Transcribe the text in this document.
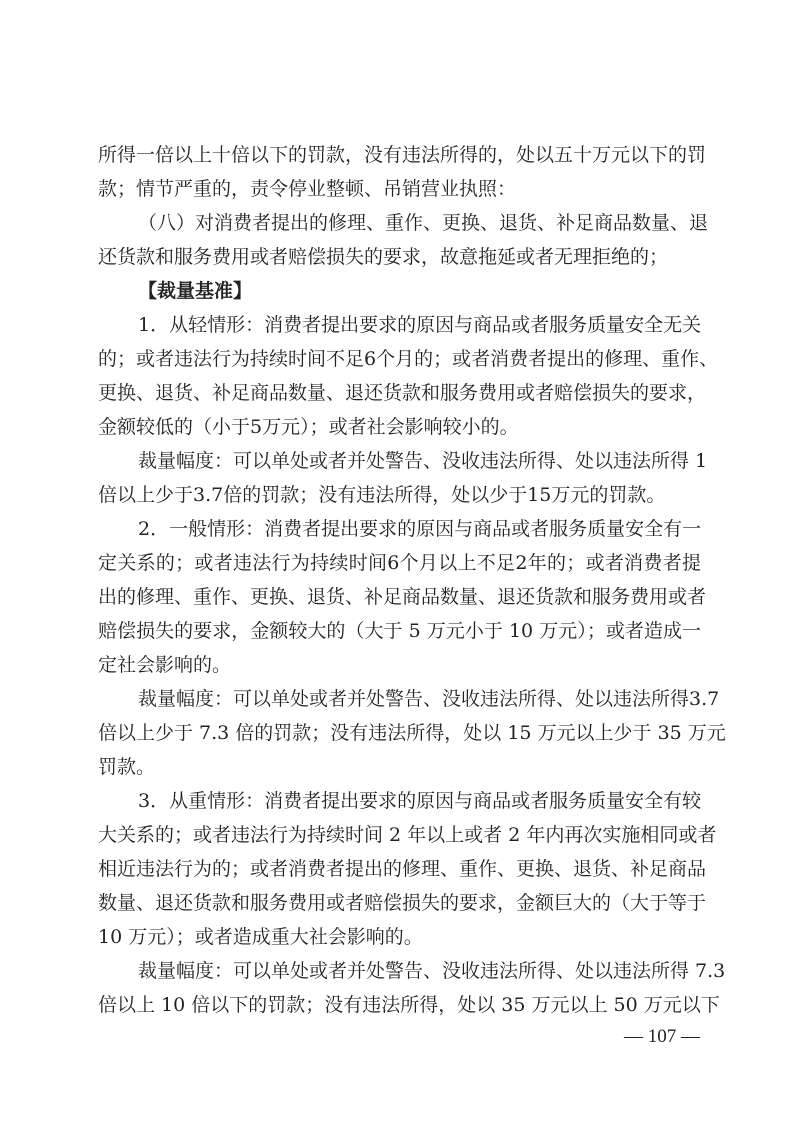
所得一倍以上十倍以下的罚款，没有违法所得的，处以五十万元以下的罚
款；情节严重的，责令停业整顿、吊销营业执照：
（八）对消费者提出的修理、重作、更换、退货、补足商品数量、退
还货款和服务费用或者赔偿损失的要求，故意拖延或者无理拒绝的；
【裁量基准】
1．从轻情形：消费者提出要求的原因与商品或者服务质量安全无关
的；或者违法行为持续时间不足6个月的；或者消费者提出的修理、重作、
更换、退货、补足商品数量、退还货款和服务费用或者赔偿损失的要求，
金额较低的（小于5万元）；或者社会影响较小的。
裁量幅度：可以单处或者并处警告、没收违法所得、处以违法所得 1
倍以上少于3.7倍的罚款；没有违法所得，处以少于15万元的罚款。
2．一般情形：消费者提出要求的原因与商品或者服务质量安全有一
定关系的；或者违法行为持续时间6个月以上不足2年的；或者消费者提
出的修理、重作、更换、退货、补足商品数量、退还货款和服务费用或者
赔偿损失的要求，金额较大的（大于 5 万元小于 10 万元）；或者造成一
定社会影响的。
裁量幅度：可以单处或者并处警告、没收违法所得、处以违法所得3.7
倍以上少于 7.3 倍的罚款；没有违法所得，处以 15 万元以上少于 35 万元
罚款。
3．从重情形：消费者提出要求的原因与商品或者服务质量安全有较
大关系的；或者违法行为持续时间 2 年以上或者 2 年内再次实施相同或者
相近违法行为的；或者消费者提出的修理、重作、更换、退货、补足商品
数量、退还货款和服务费用或者赔偿损失的要求，金额巨大的（大于等于
10 万元）；或者造成重大社会影响的。
裁量幅度：可以单处或者并处警告、没收违法所得、处以违法所得 7.3
倍以上 10 倍以下的罚款；没有违法所得，处以 35 万元以上 50 万元以下
— 107 —
